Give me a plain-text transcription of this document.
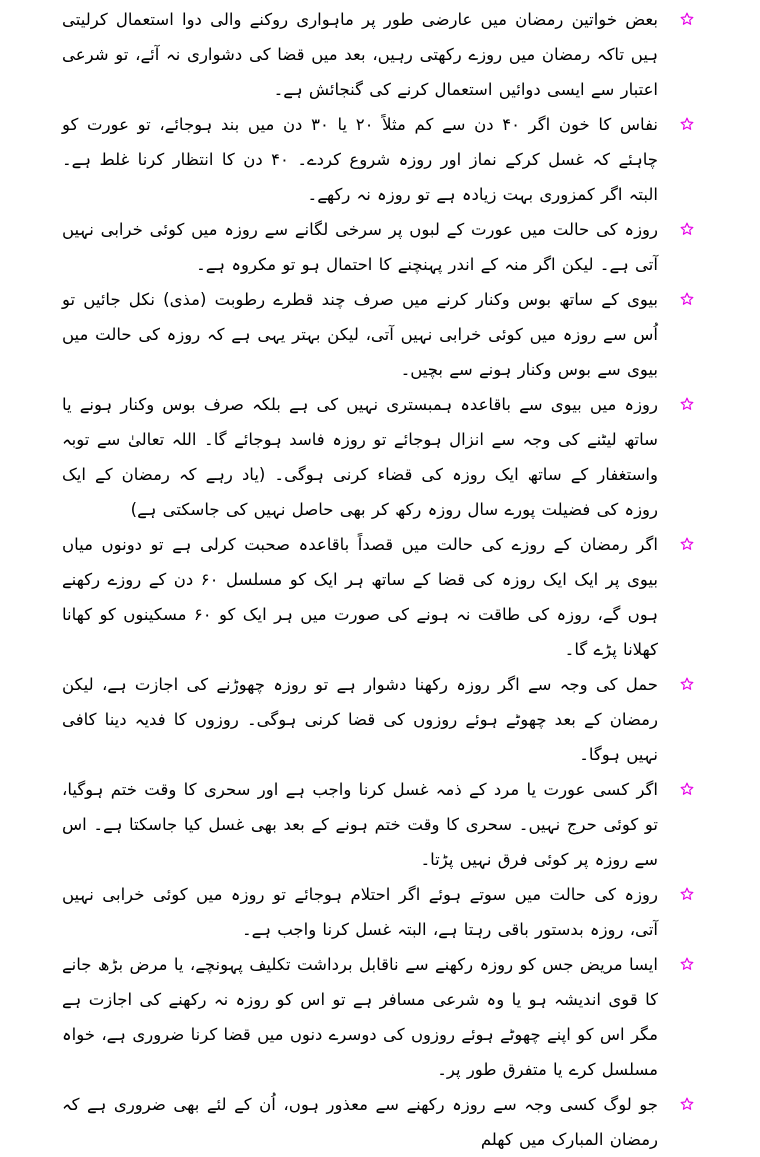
بعض خواتین رمضان میں عارضی طور پر ماہواری روکنے والی دوا استعمال کرلیتی ہیں تاکہ رمضان میں روزے رکھتی رہیں، بعد میں قضا کی دشواری نہ آئے، تو شرعی اعتبار سے ایسی دوائیں استعمال کرنے کی گنجائش ہے۔

نفاس کا خون اگر ۴۰ دن سے کم مثلاً ۲۰ یا ۳۰ دن میں بند ہوجائے، تو عورت کو چاہئے کہ غسل کرکے نماز اور روزہ شروع کردے۔ ۴۰ دن کا انتظار کرنا غلط ہے۔ البتہ اگر کمزوری بہت زیادہ ہے تو روزہ نہ رکھے۔

روزہ کی حالت میں عورت کے لبوں پر سرخی لگانے سے روزہ میں کوئی خرابی نہیں آتی ہے۔ لیکن اگر منہ کے اندر پہنچنے کا احتمال ہو تو مکروہ ہے۔

بیوی کے ساتھ بوس وکنار کرنے میں صرف چند قطرے رطوبت (مذی) نکل جائیں تو اُس سے روزہ میں کوئی خرابی نہیں آتی، لیکن بہتر یہی ہے کہ روزہ کی حالت میں بیوی سے بوس وکنار ہونے سے بچیں۔

روزہ میں بیوی سے باقاعدہ ہمبستری نہیں کی ہے بلکہ صرف بوس وکنار ہونے یا ساتھ لیٹنے کی وجہ سے انزال ہوجائے تو روزہ فاسد ہوجائے گا۔ اللہ تعالیٰ سے توبہ واستغفار کے ساتھ ایک روزہ کی قضاء کرنی ہوگی۔ (یاد رہے کہ رمضان کے ایک روزہ کی فضیلت پورے سال روزہ رکھ کر بھی حاصل نہیں کی جاسکتی ہے)

اگر رمضان کے روزے کی حالت میں قصداً باقاعدہ صحبت کرلی ہے تو دونوں میاں بیوی پر ایک ایک روزہ کی قضا کے ساتھ ہر ایک کو مسلسل ۶۰ دن کے روزے رکھنے ہوں گے، روزہ کی طاقت نہ ہونے کی صورت میں ہر ایک کو ۶۰ مسکینوں کو کھانا کھلانا پڑے گا۔

حمل کی وجہ سے اگر روزہ رکھنا دشوار ہے تو روزہ چھوڑنے کی اجازت ہے، لیکن رمضان کے بعد چھوٹے ہوئے روزوں کی قضا کرنی ہوگی۔ روزوں کا فدیہ دینا کافی نہیں ہوگا۔

اگر کسی عورت یا مرد کے ذمہ غسل کرنا واجب ہے اور سحری کا وقت ختم ہوگیا، تو کوئی حرج نہیں۔ سحری کا وقت ختم ہونے کے بعد بھی غسل کیا جاسکتا ہے۔ اس سے روزہ پر کوئی فرق نہیں پڑتا۔

روزہ کی حالت میں سوتے ہوئے اگر احتلام ہوجائے تو روزہ میں کوئی خرابی نہیں آتی، روزہ بدستور باقی رہتا ہے، البتہ غسل کرنا واجب ہے۔

ایسا مریض جس کو روزہ رکھنے سے ناقابل برداشت تکلیف پہونچے، یا مرض بڑھ جانے کا قوی اندیشہ ہو یا وہ شرعی مسافر ہے تو اس کو روزہ نہ رکھنے کی اجازت ہے مگر اس کو اپنے چھوٹے ہوئے روزوں کی دوسرے دنوں میں قضا کرنا ضروری ہے، خواہ مسلسل کرے یا متفرق طور پر۔

جو لوگ کسی وجہ سے روزہ رکھنے سے معذور ہوں، اُن کے لئے بھی ضروری ہے کہ رمضان المبارک میں کھلم
